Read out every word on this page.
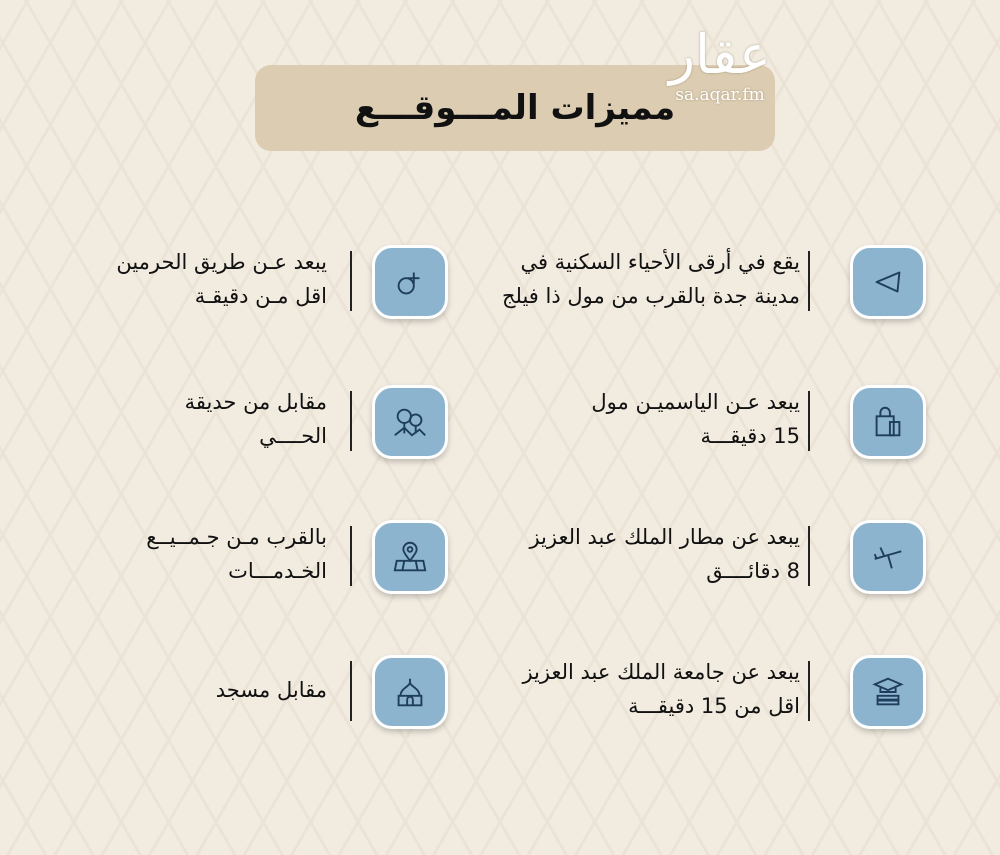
مميزات المـــوقـــع
عقار
sa.aqar.fm
يقع في أرقى الأحياء السكنية في
مدينة جدة بالقرب من مول ذا فيلج
يبعد عـن الياسميـن مول
15 دقيقـــة
يبعد عن مطار الملك عبد العزيز
8 دقائــــق
يبعد عن جامعة الملك عبد العزيز
اقل من 15 دقيقـــة
يبعد عـن طريق الحرمين
اقل مـن دقيقـة
مقابل من حديقة
الحــــي
بالقرب مـن جـمــيــع
الخـدمـــات
مقابل مسجد
